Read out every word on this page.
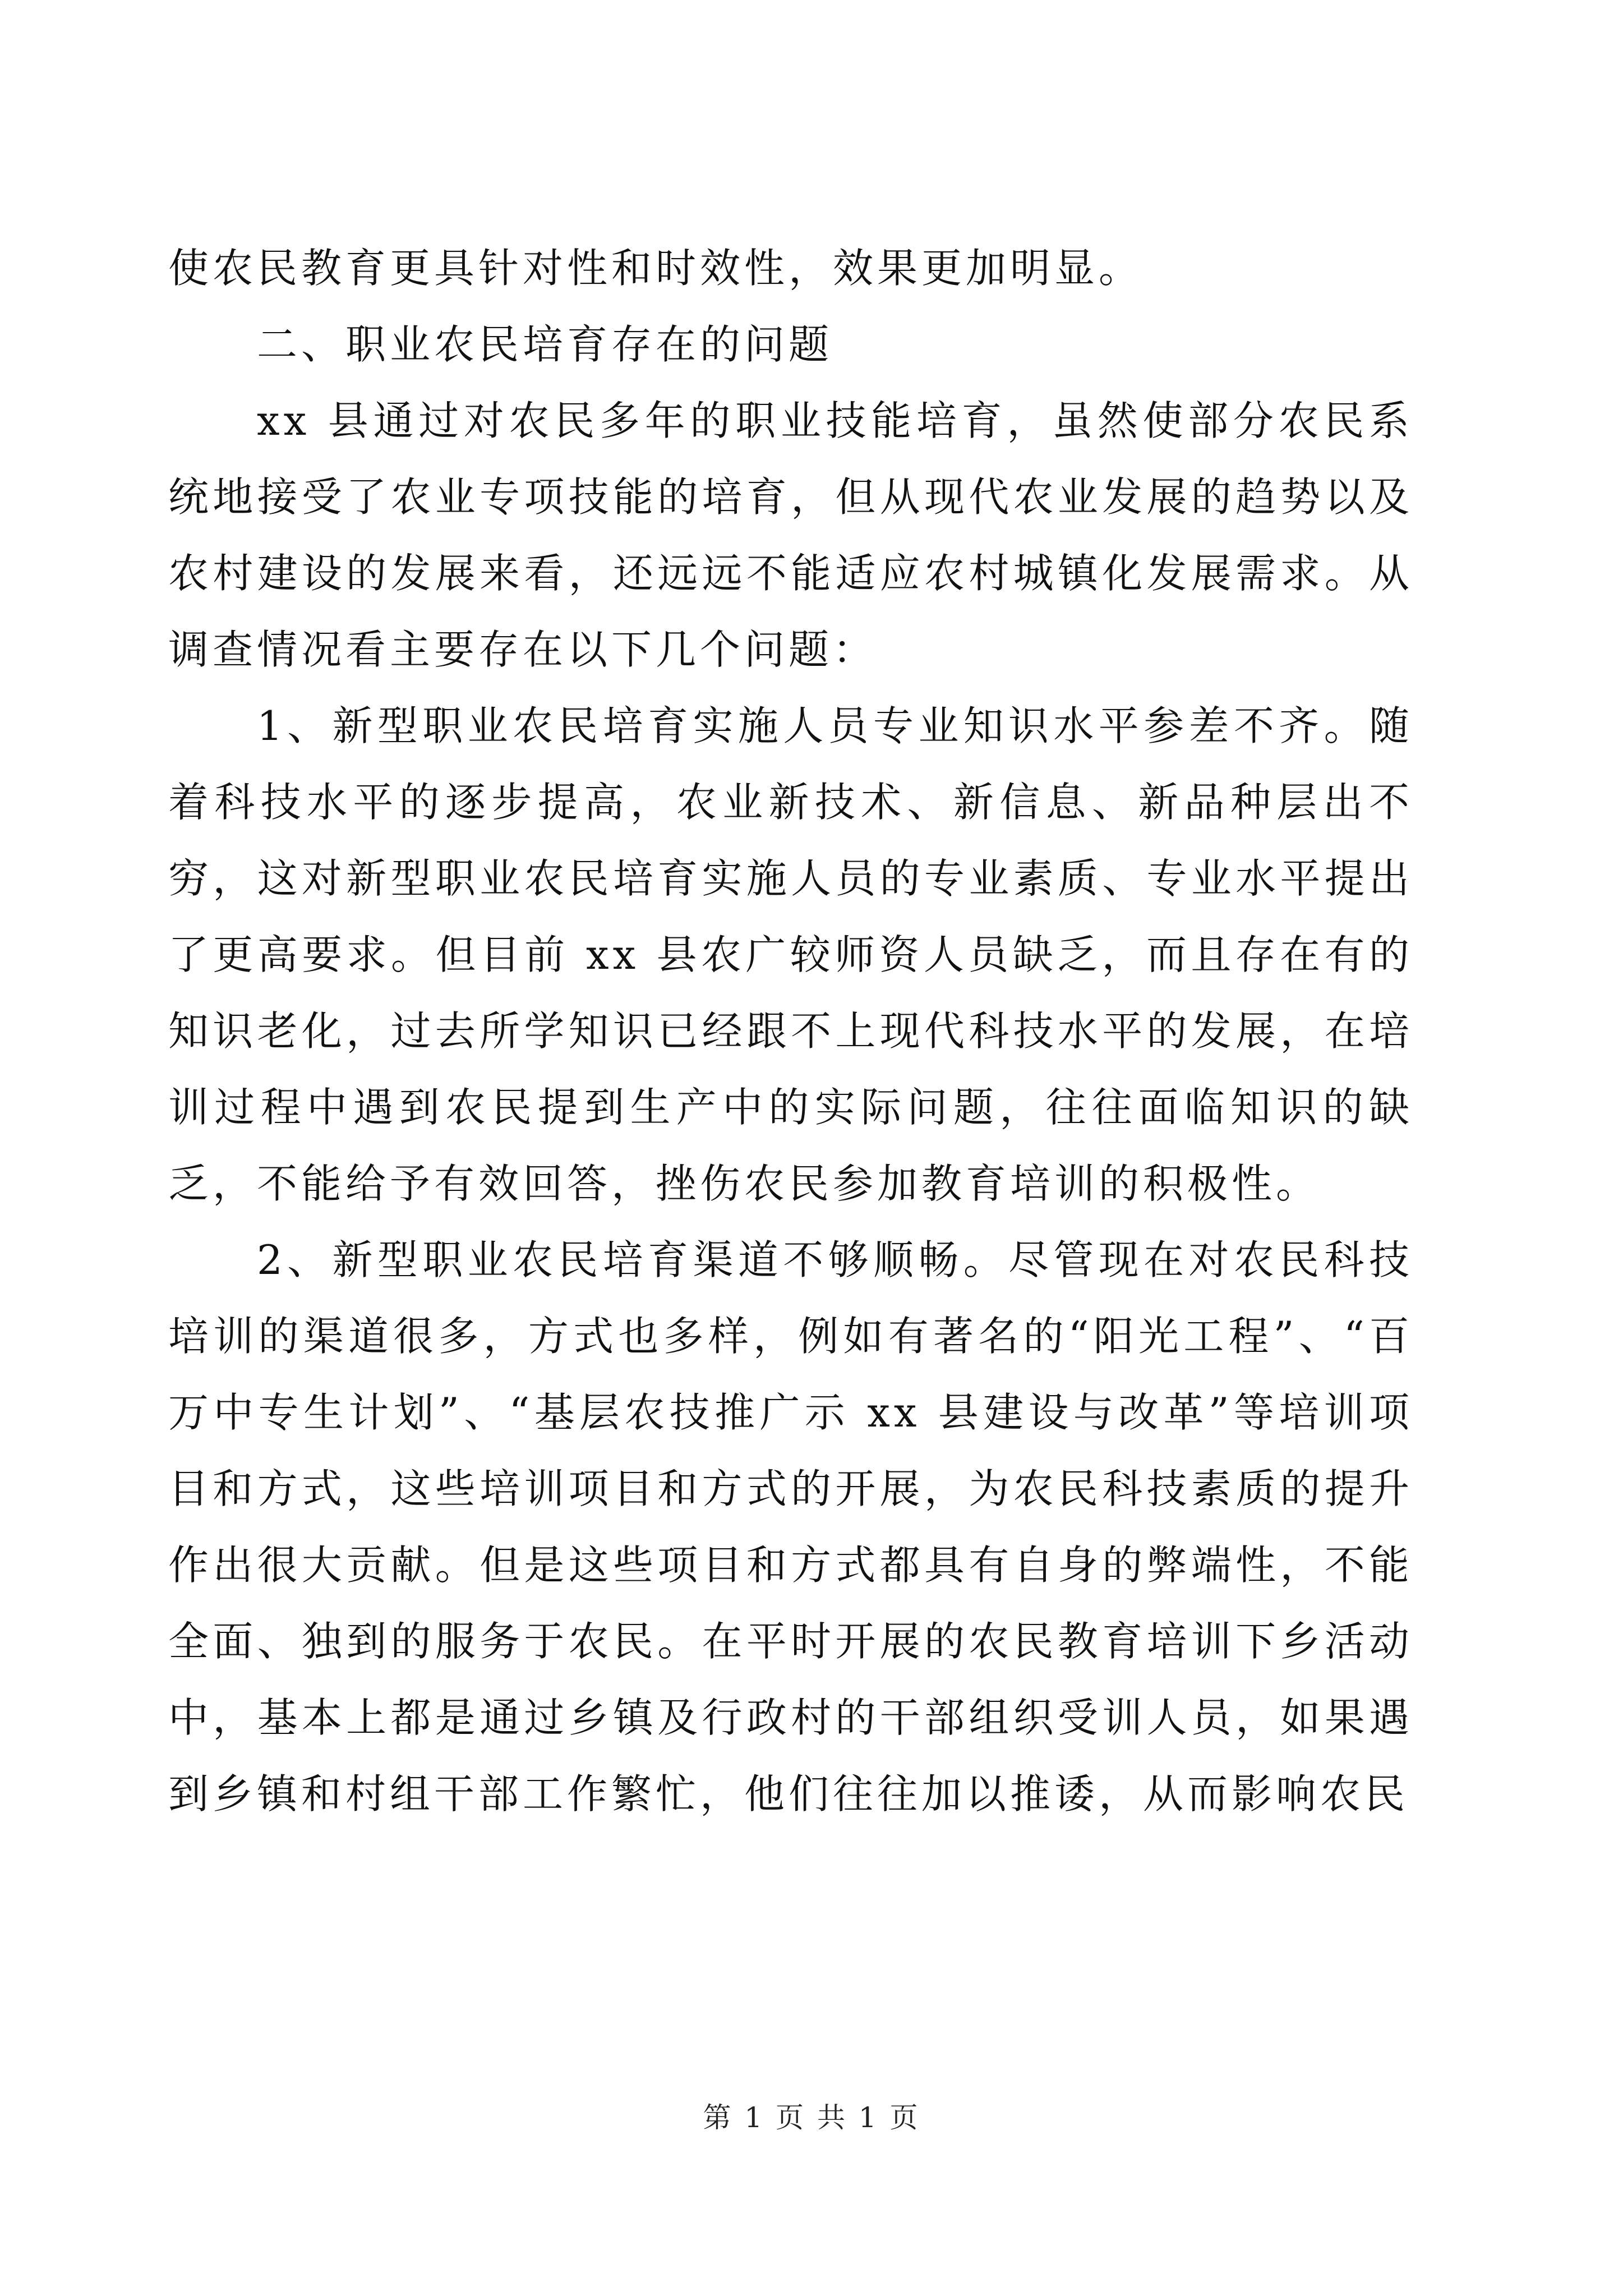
使农民教育更具针对性和时效性，效果更加明显。

二、职业农民培育存在的问题

xx 县通过对农民多年的职业技能培育，虽然使部分农民系统地接受了农业专项技能的培育，但从现代农业发展的趋势以及农村建设的发展来看，还远远不能适应农村城镇化发展需求。从调查情况看主要存在以下几个问题：

1、新型职业农民培育实施人员专业知识水平参差不齐。随着科技水平的逐步提高，农业新技术、新信息、新品种层出不穷，这对新型职业农民培育实施人员的专业素质、专业水平提出了更高要求。但目前 xx 县农广较师资人员缺乏，而且存在有的知识老化，过去所学知识已经跟不上现代科技水平的发展，在培训过程中遇到农民提到生产中的实际问题，往往面临知识的缺乏，不能给予有效回答，挫伤农民参加教育培训的积极性。

2、新型职业农民培育渠道不够顺畅。尽管现在对农民科技培训的渠道很多，方式也多样，例如有著名的“阳光工程”、“百万中专生计划”、“基层农技推广示 xx 县建设与改革”等培训项目和方式，这些培训项目和方式的开展，为农民科技素质的提升作出很大贡献。但是这些项目和方式都具有自身的弊端性，不能全面、独到的服务于农民。在平时开展的农民教育培训下乡活动中，基本上都是通过乡镇及行政村的干部组织受训人员，如果遇到乡镇和村组干部工作繁忙，他们往往加以推诿，从而影响农民

第 1 页 共 1 页
